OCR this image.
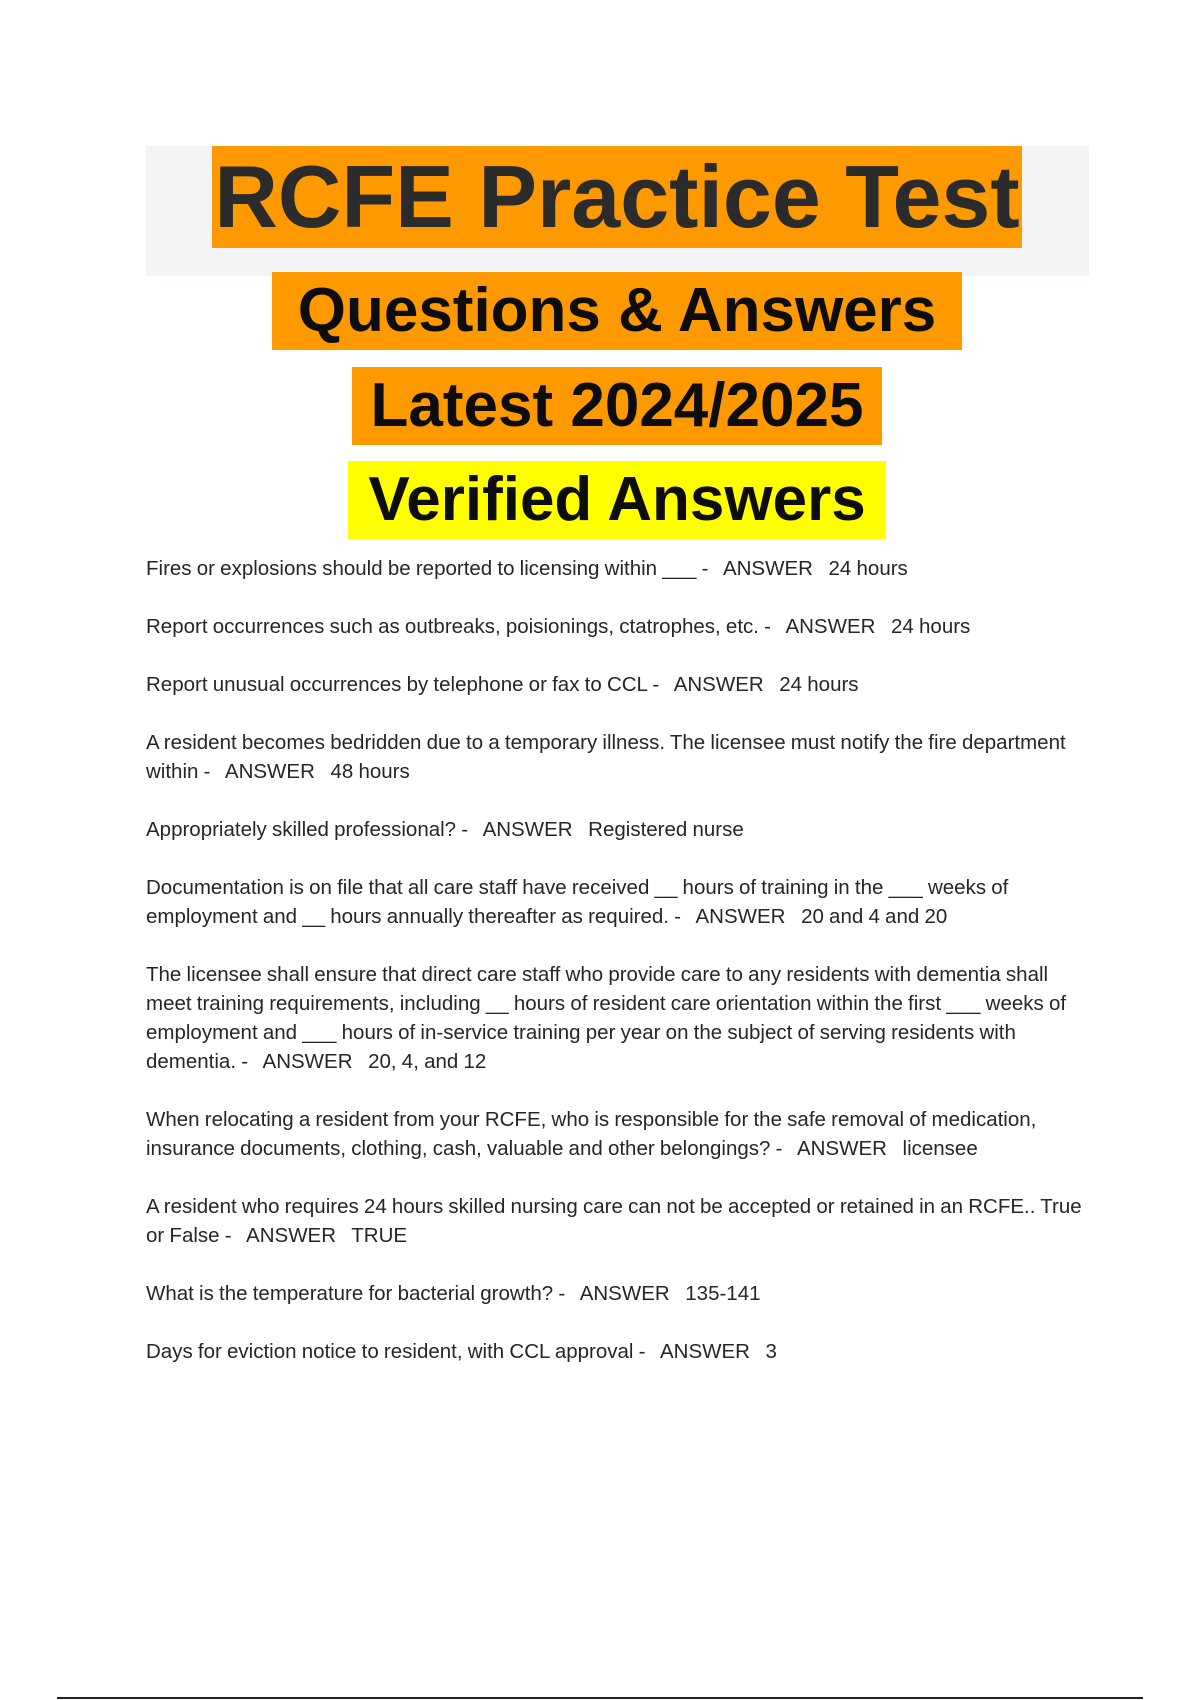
RCFE Practice Test
Questions & Answers
Latest 2024/2025
Verified Answers
Fires or explosions should be reported to licensing within ___ - ANSWER 24 hours
Report occurrences such as outbreaks, poisionings, ctatrophes, etc. - ANSWER 24 hours
Report unusual occurrences by telephone or fax to CCL - ANSWER 24 hours
A resident becomes bedridden due to a temporary illness. The licensee must notify the fire department within - ANSWER 48 hours
Appropriately skilled professional? - ANSWER Registered nurse
Documentation is on file that all care staff have received __ hours of training in the ___ weeks of employment and __ hours annually thereafter as required. - ANSWER 20 and 4 and 20
The licensee shall ensure that direct care staff who provide care to any residents with dementia shall meet training requirements, including __ hours of resident care orientation within the first ___ weeks of employment and ___ hours of in-service training per year on the subject of serving residents with dementia. - ANSWER 20, 4, and 12
When relocating a resident from your RCFE, who is responsible for the safe removal of medication, insurance documents, clothing, cash, valuable and other belongings? - ANSWER licensee
A resident who requires 24 hours skilled nursing care can not be accepted or retained in an RCFE.. True or False - ANSWER TRUE
What is the temperature for bacterial growth? - ANSWER 135-141
Days for eviction notice to resident, with CCL approval - ANSWER 3
